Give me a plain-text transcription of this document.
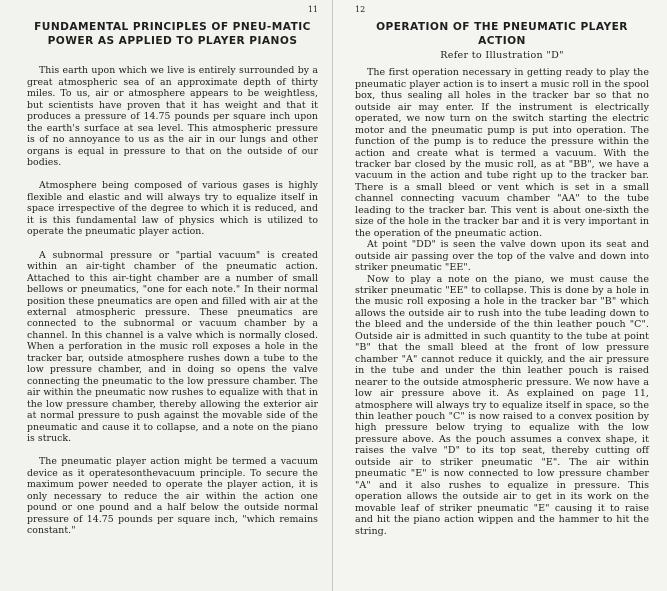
11
FUNDAMENTAL PRINCIPLES OF PNEU-MATIC POWER AS APPLIED TO PLAYER PIANOS

This earth upon which we live is entirely surrounded by a great atmospheric sea of an approximate depth of thirty miles. To us, air or atmosphere appears to be weightless, but scientists have proven that it has weight and that it produces a pressure of 14.75 pounds per square inch upon the earth's surface at sea level. This atmospheric pressure is of no annoyance to us as the air in our lungs and other organs is equal in pressure to that on the outside of our bodies.

Atmosphere being composed of various gases is highly flexible and elastic and will always try to equalize itself in space irrespective of the degree to which it is reduced, and it is this fundamental law of physics which is utilized to operate the pneumatic player action.

A subnormal pressure or "partial vacuum" is created within an air-tight chamber of the pneumatic action. Attached to this air-tight chamber are a number of small bellows or pneumatics, "one for each note." In their normal position these pneumatics are open and filled with air at the external atmospheric pressure. These pneumatics are connected to the subnormal or vacuum chamber by a channel. In this channel is a valve which is normally closed. When a perforation in the music roll exposes a hole in the tracker bar, outside atmosphere rushes down a tube to the low pressure chamber, and in doing so opens the valve connecting the pneumatic to the low pressure chamber. The air within the pneumatic now rushes to equalize with that in the low pressure chamber, thereby allowing the exterior air at normal pressure to push against the movable side of the pneumatic and cause it to collapse, and a note on the piano is struck.

The pneumatic player action might be termed a vacuum device as it operatesonthevacuum principle. To secure the maximum power needed to operate the player action, it is only necessary to reduce the air within the action one pound or one pound and a half below the outside normal pressure of 14.75 pounds per square inch, "which remains constant."

12
OPERATION OF THE PNEUMATIC PLAYER ACTION
Refer to Illustration "D"

The first operation necessary in getting ready to play the pneumatic player action is to insert a music roll in the spool box, thus sealing all holes in the tracker bar so that no outside air may enter. If the instrument is electrically operated, we now turn on the switch starting the electric motor and the pneumatic pump is put into operation. The function of the pump is to reduce the pressure within the action and create what is termed a vacuum. With the tracker bar closed by the music roll, as at "BB", we have a vacuum in the action and tube right up to the tracker bar. There is a small bleed or vent which is set in a small channel connecting vacuum chamber "AA" to the tube leading to the tracker bar. This vent is about one-sixth the size of the hole in the tracker bar and it is very important in the operation of the pneumatic action.

At point "DD" is seen the valve down upon its seat and outside air passing over the top of the valve and down into striker pneumatic "EE".

Now to play a note on the piano, we must cause the striker pneumatic "EE" to collapse. This is done by a hole in the music roll exposing a hole in the tracker bar "B" which allows the outside air to rush into the tube leading down to the bleed and the underside of the thin leather pouch "C". Outside air is admitted in such quantity to the tube at point "B" that the small bleed at the front of low pressure chamber "A" cannot reduce it quickly, and the air pressure in the tube and under the thin leather pouch is raised nearer to the outside atmospheric pressure. We now have a low air pressure above it. As explained on page 11, atmosphere will always try to equalize itself in space, so the thin leather pouch "C" is now raised to a convex position by high pressure below trying to equalize with the low pressure above. As the pouch assumes a convex shape, it raises the valve "D" to its top seat, thereby cutting off outside air to striker pneumatic "E". The air within pneumatic "E" is now connected to low pressure chamber "A" and it also rushes to equalize in pressure. This operation allows the outside air to get in its work on the movable leaf of striker pneumatic "E" causing it to raise and hit the piano action wippen and the hammer to hit the string.
